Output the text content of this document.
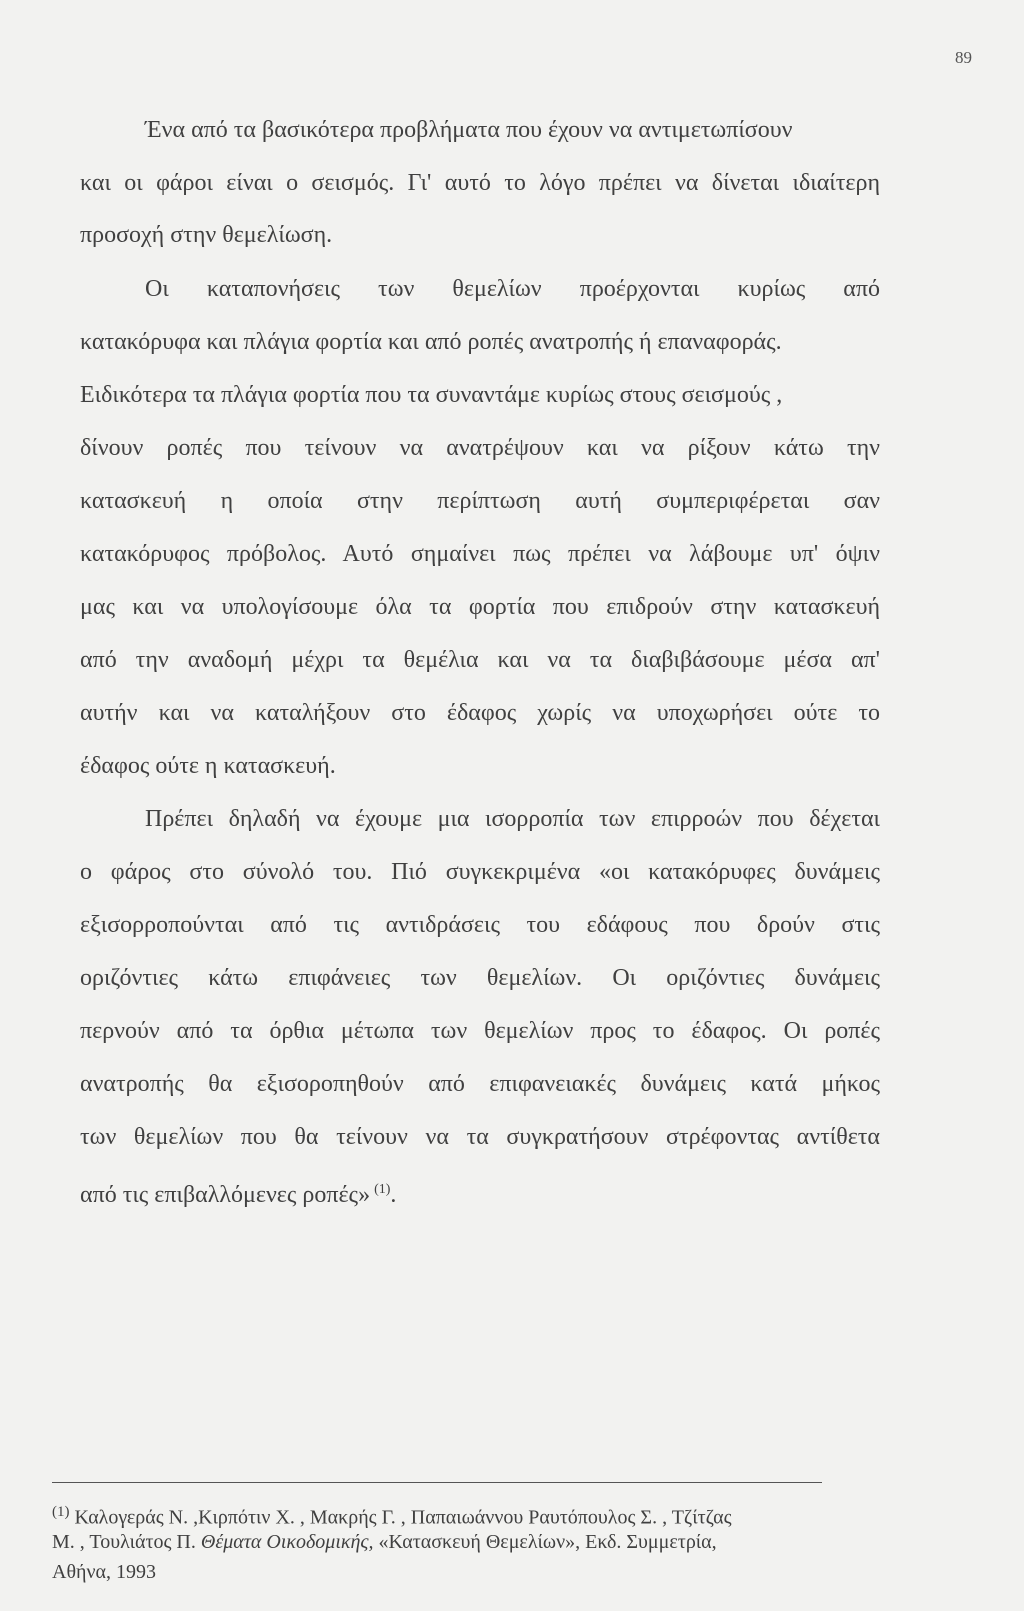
89
Ένα από τα βασικότερα προβλήματα που έχουν να αντιμετωπίσουν
και οι φάροι είναι ο σεισμός. Γι' αυτό το λόγο πρέπει να δίνεται ιδιαίτερη
προσοχή στην θεμελίωση.
Οι καταπονήσεις των θεμελίων προέρχονται κυρίως από
κατακόρυφα και πλάγια φορτία και από ροπές ανατροπής ή επαναφοράς.
Ειδικότερα τα πλάγια φορτία που τα συναντάμε κυρίως στους σεισμούς ,
δίνουν ροπές που τείνουν να ανατρέψουν και να ρίξουν κάτω την
κατασκευή η οποία στην περίπτωση αυτή συμπεριφέρεται σαν
κατακόρυφος πρόβολος. Αυτό σημαίνει πως πρέπει να λάβουμε υπ' όψιν
μας και να υπολογίσουμε όλα τα φορτία που επιδρούν στην κατασκευή
από την αναδομή μέχρι τα θεμέλια και να τα διαβιβάσουμε μέσα απ'
αυτήν και να καταλήξουν στο έδαφος χωρίς να υποχωρήσει ούτε το
έδαφος ούτε η κατασκευή.
Πρέπει δηλαδή να έχουμε μια ισορροπία των επιρροών που δέχεται
ο φάρος στο σύνολό του. Πιό συγκεκριμένα «οι κατακόρυφες δυνάμεις
εξισορροπούνται από τις αντιδράσεις του εδάφους που δρούν στις
οριζόντιες κάτω επιφάνειες των θεμελίων. Οι οριζόντιες δυνάμεις
περνούν από τα όρθια μέτωπα των θεμελίων προς το έδαφος. Οι ροπές
ανατροπής θα εξισοροπηθούν από επιφανειακές δυνάμεις κατά μήκος
των θεμελίων που θα τείνουν να τα συγκρατήσουν στρέφοντας αντίθετα
από τις επιβαλλόμενες ροπές» $^{(1)}$.
$^{(1)}$ Καλογεράς Ν. ,Κιρπότιν Χ. , Μακρής Γ. , Παπαιωάννου Ραυτόπουλος Σ. , Τζίτζας
Μ. , Τουλιάτος Π. Θέματα Οικοδομικής, «Κατασκευή Θεμελίων», Εκδ. Συμμετρία,
Αθήνα, 1993
